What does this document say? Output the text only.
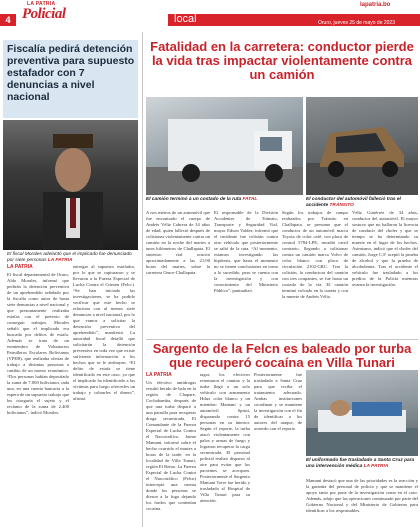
4
LA PATRIA
Policial	local
lapatria.bo
Oruro, jueves 25 de mayo de 2023
Fiscalía pedirá detención preventiva para supuesto estafador con 7 denuncias a nivel nacional
El fiscal Morales adelantó que el implicado fue denunciado por siete personas LA PATRIA
LA PATRIA
El fiscal departamental de Oruro, Aldo Morales, informó que pedirán la detención preventiva de un aprehendido señalado por la fiscalía como autor de hasta siete denuncias a nivel nacional y que presuntamente realizaba estafas con el pretexto de conseguir trabajos. Morales señaló que el implicado era buscado por delitos de estafa. Además se trata de un exmiembro de Voluntarios Patrulleros Escolares Bolivianos (VPEB), que realizaba ofertas de trabajo a distintas personas a cambio de un monto económico. “Dos personas habían depositado la suma de 7.000 bolivianos cada una, en una cuenta bancaria a la espera de un supuesto trabajo que les otorgaría el sujeto y el reclamo de la suma de 2.400 bolivianos”, indicó Morales.
entregar al supuesto estafador, por lo que se capturaron y se llevaron a la Fuerza Especial de Lucha Contra el Crimen (Felcc). “Se han iniciado las investigaciones, se ha podido verificar que este hecho se relaciona con al menos siete denuncias a nivel nacional, por lo que vamos a solicitar la detención preventiva del aprehendido”, manifestó. La autoridad fiscal detalló que solicitarán la detención preventiva en toda vez que existe suficiente información a los hechos que se le atribuyen. “El delito de estafa se tiene identificado en este caso, ya que el implicado ha identificado a las víctimas para luego ofrecerles un trabajo y cobrarles el dinero”, afirmó.
Fatalidad en la carretera: conductor pierde la vida tras impactar violentamente contra un camión
El camión terminó a un costado de la ruta FATAL	El conductor del automóvil falleció tras el accidente TRÁNSITO
A nos metros de un automóvil que fue encontrado el cuerpo de Andrés Véliz Cabrera de 34 años de edad, quien falleció después de colisionar violentamente contra un camión en la noche del martes a unos kilómetros de Challapata. El siniestro vial ocurrió aproximadamente a las 21:00 horas del martes, sobre la carretera Oruro-Challapata.
El responsable de la División Accidentes de Tránsito, Transporte y Seguridad Vial, mayor Edson Valdez, informó que el incidente fue colisión contra otro vehículo que posteriormente se salió de la ruta. “Al momento, estamos investigando las hipótesis, que hasta el momento no se tienen conclusiones en torno a lo sucedido, pero se cuenta con la investigación y con conocimiento del Ministerio Público”, puntualizó.
Según los trabajos de campo realizados por Tránsito en Challapata, se presume que el conductor de un automóvil marca Toyota de color café, con placa de control 5784-LPE, invadió carril contrario, llegando a colisionar contra un camión marca Volvo de color blanco con placa de circulación 2102-GRC. Tras la colisión, la conductora del camión con tres ocupantes, se fue hasta un costado de la vía. El camión terminó volcado en la cuneta y con la muerte de Andrés Véliz.
Véliz Gutiérrez de 34 años, conductor del automóvil. El mayor sostuvo que no hallaron la licencia de conducir del chofer y que se tiempo se ha determinado su muerte en el lugar de los hechos. Asimismo, indicó que el chofer del camión, Jorge C.F. aceptó la prueba de alcohol y que la prueba de alcoholemia. Tras el accidente el vehículo fue trasladado a los predios de la Policía mientras avanza la investigación.
Sargento de la Felcn es baleado por turba que recuperó cocaína en Villa Tunari
LA PATRIA
Un efectivo antidrogas resultó herido de bala en la región de Chapare, Cochabamba, después de que una turba disparó a una patrulla para recuperar droga secuestrada. El Comandante de la Fuerza Especial de Lucha Contra el Narcotráfico, Jaime Mamani, informó sobre el hecho ocurrido el martes a horas de la tarde, en la localidad de Villa Tunari, región El Reino. La Fuerza Especial de Lucha Contra el Narcotráfico (Felcn) interceptó una cuenta donde los personas se dieron a la fuga dejando los fardos que contenían cocaína.
tagor, los efectivos retomaron el camino y la turba llegó a un solo vehículo con armamento Hilux color blanco y un miembro Mamani y un automóvil Sprint, disparando contra 15 personas en su interior. Según el reporte, la turba atacó violentamente con palos y armas de fuego y lograron recuperar la carga secuestrada. El personal policial realizó disparos al aire para evitar que los pacientes se acerquen. Posteriormente el Sargento Mamani Torre fue herido y trasladado al Hospital de Villa Tunari para su atención.
Posteriormente fue trasladado a Santa Cruz para que reciba el tratamiento adecuado. Ambas instituciones coordinan y se mantiene la investigación con el fin de identificar a los autores del ataque, de acuerdo con el reporte.
El uniformado fue trasladado a Santa Cruz para una intervención médica LA PATRIA
Mamani destacó que una de las prioridades es la reacción y la garantía del personal de policía y que se mantiene el apoyo tanto por parte de la investigación como en el caso. Además, adujo que las operaciones continuarán por parte del Gobierno Nacional y del Ministerio de Gobierno para identificar a los responsables.
